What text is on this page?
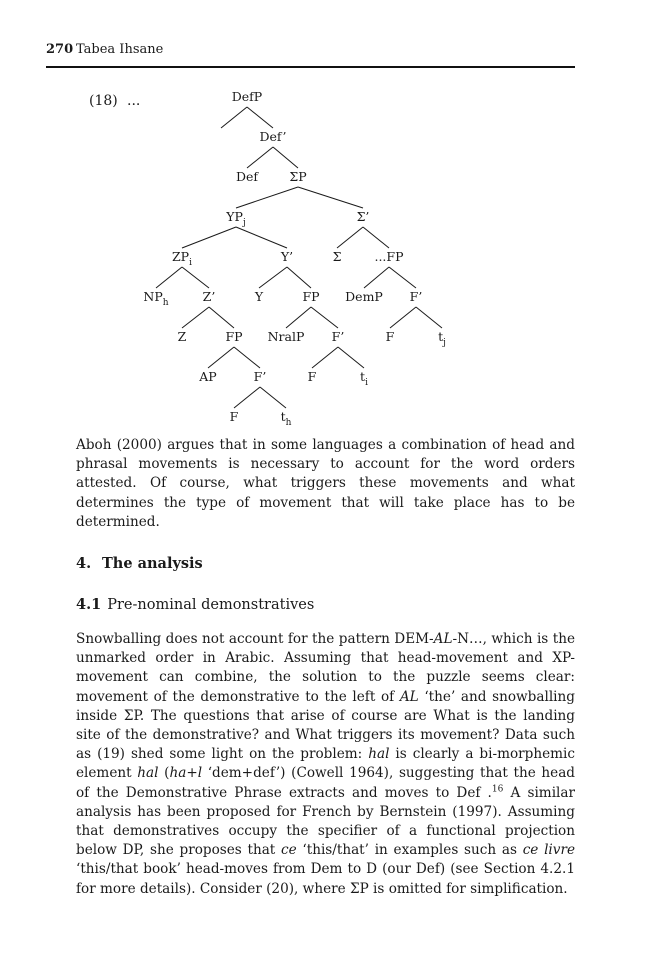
270 Tabea Ihsane
(18) ...	DefP
Def’
Def	ΣP
$YP_j$	Σ’
$ZP_i$	Y’	Σ	...FP
$NP_h$	Z’	Y	FP DemP F’
Z	FP NralP F’	F	$t_j$
AP	F’	F	$t_i$
F	$t_h$

Aboh (2000) argues that in some languages a combination of head and phrasal movements is necessary to account for the word orders attested. Of course, what triggers these movements and what determines the type of movement that will take place has to be determined.

4. The analysis
4.1 Pre-nominal demonstratives

Snowballing does not account for the pattern DEM-AL-N…, which is the unmarked order in Arabic. Assuming that head-movement and XP-movement can combine, the solution to the puzzle seems clear: movement of the demonstrative to the left of AL ‘the’ and snowballing inside ΣP. The questions that arise of course are What is the landing site of the demonstrative? and What triggers its movement? Data such as (19) shed some light on the problem: hal is clearly a bi-morphemic element hal (ha+l ‘dem+def’) (Cowell 1964), suggesting that the head of the Demonstrative Phrase extracts and moves to Def .$^{16}$ A similar analysis has been proposed for French by Bernstein (1997). Assuming that demonstratives occupy the specifier of a functional projection below DP, she proposes that ce ‘this/that’ in examples such as ce livre ‘this/that book’ head-moves from Dem to D (our Def) (see Section 4.2.1 for more details). Consider (20), where ΣP is omitted for simplification.
